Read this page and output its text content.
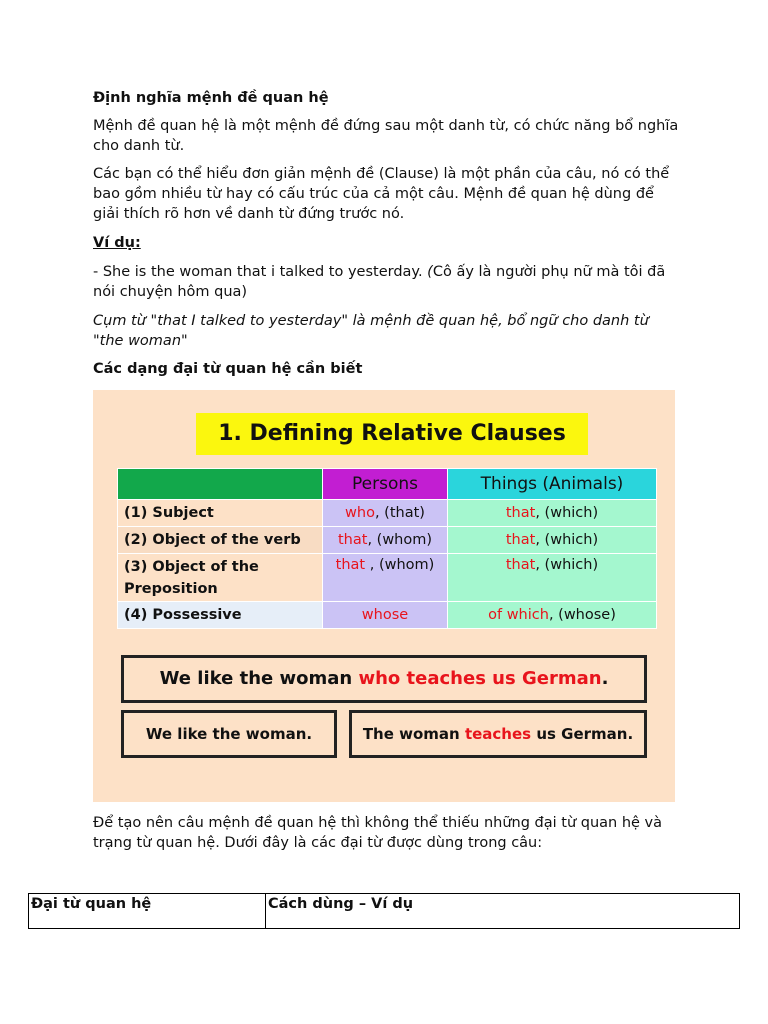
Định nghĩa mệnh đề quan hệ

Mệnh đề quan hệ là một mệnh đề đứng sau một danh từ, có chức năng bổ nghĩa cho danh từ.

Các bạn có thể hiểu đơn giản mệnh đề (Clause) là một phần của câu, nó có thể bao gồm nhiều từ hay có cấu trúc của cả một câu. Mệnh đề quan hệ dùng để giải thích rõ hơn về danh từ đứng trước nó.

Ví dụ:

- She is the woman that i talked to yesterday. (Cô ấy là người phụ nữ mà tôi đã nói chuyện hôm qua)

Cụm từ "that I talked to yesterday" là mệnh đề quan hệ, bổ ngữ cho danh từ "the woman"

Các dạng đại từ quan hệ cần biết

1. Defining Relative Clauses
	Persons	Things (Animals)
(1) Subject	who, (that)	that, (which)
(2) Object of the verb	that, (whom)	that, (which)
(3) Object of the Preposition	that , (whom)	that, (which)
(4) Possessive	whose	of which, (whose)
We like the woman who teaches us German.
We like the woman.	The woman teaches us German.

Để tạo nên câu mệnh đề quan hệ thì không thể thiếu những đại từ quan hệ và trạng từ quan hệ. Dưới đây là các đại từ được dùng trong câu:

Đại từ quan hệ	Cách dùng – Ví dụ
